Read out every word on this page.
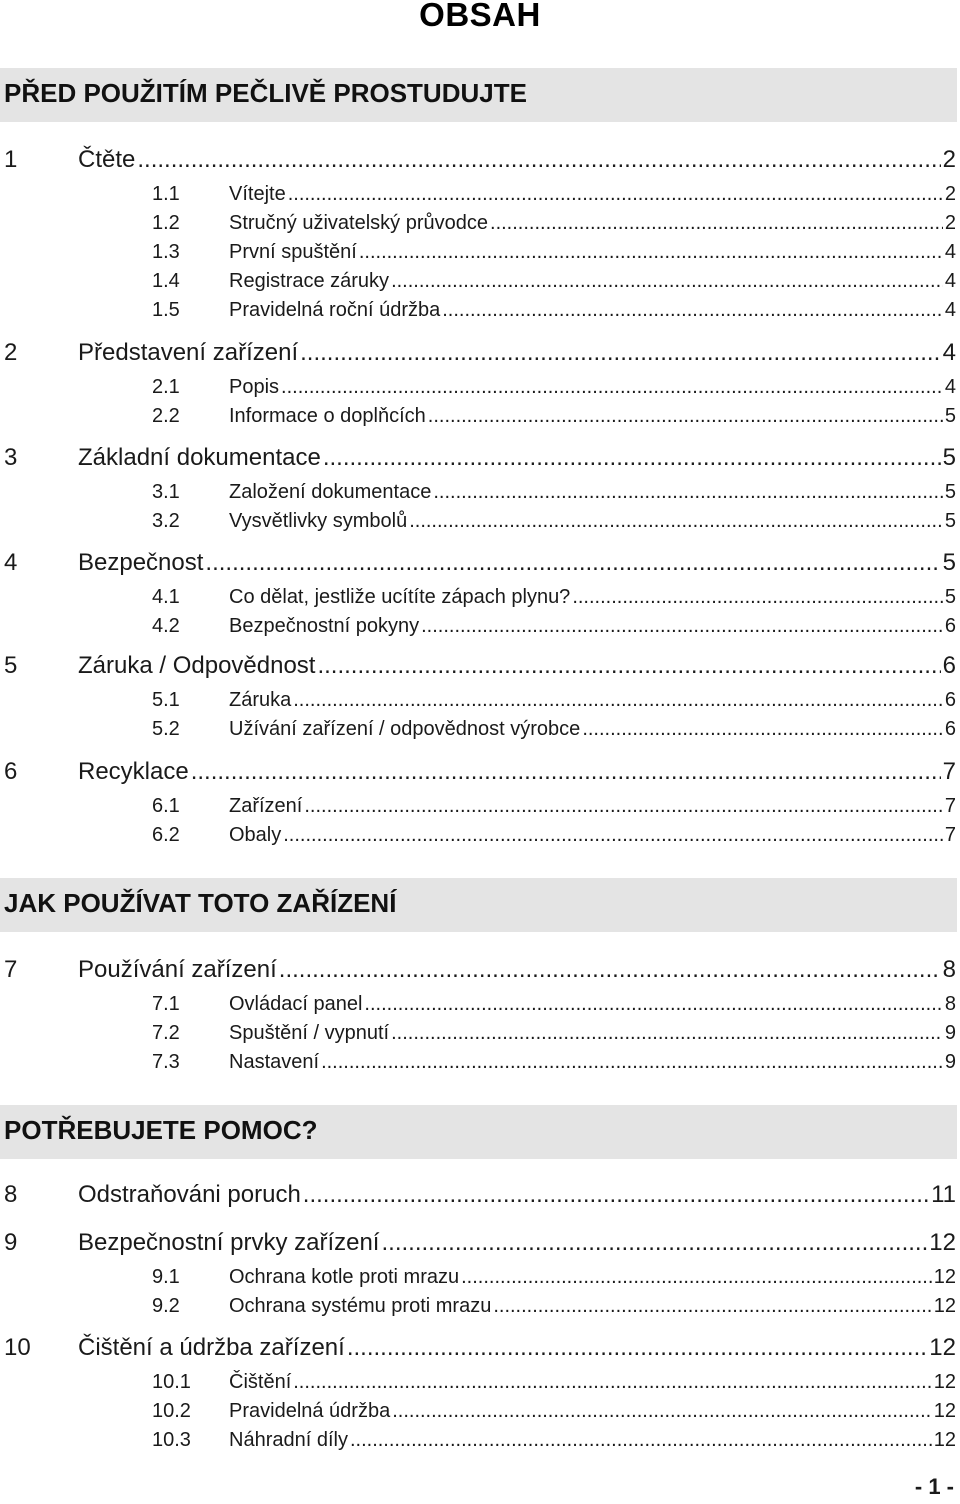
OBSAH
PŘED POUŽITÍM PEČLIVĚ PROSTUDUJTE
1	Čtěte .....	2
1.1	Vítejte .....	2
1.2	Stručný uživatelský průvodce .....	2
1.3	První spuštění .....	4
1.4	Registrace záruky .....	4
1.5	Pravidelná roční údržba .....	4
2	Představení zařízení .....	4
2.1	Popis .....	4
2.2	Informace o doplňcích .....	5
3	Základní dokumentace .....	5
3.1	Založení dokumentace .....	5
3.2	Vysvětlivky symbolů .....	5
4	Bezpečnost .....	5
4.1	Co dělat, jestliže ucítíte zápach plynu? .....	5
4.2	Bezpečnostní pokyny .....	6
5	Záruka / Odpovědnost .....	6
5.1	Záruka .....	6
5.2	Užívání zařízení / odpovědnost výrobce .....	6
6	Recyklace .....	7
6.1	Zařízení .....	7
6.2	Obaly .....	7
JAK POUŽÍVAT TOTO ZAŘÍZENÍ
7	Používání zařízení .....	8
7.1	Ovládací panel .....	8
7.2	Spuštění / vypnutí .....	9
7.3	Nastavení .....	9
POTŘEBUJETE POMOC?
8	Odstraňováni poruch .....	11
9	Bezpečnostní prvky zařízení .....	12
9.1	Ochrana kotle proti mrazu .....	12
9.2	Ochrana systému proti mrazu .....	12
10	Čištění a údržba zařízení .....	12
10.1	Čištění .....	12
10.2	Pravidelná údržba .....	12
10.3	Náhradní díly .....	12
- 1 -
